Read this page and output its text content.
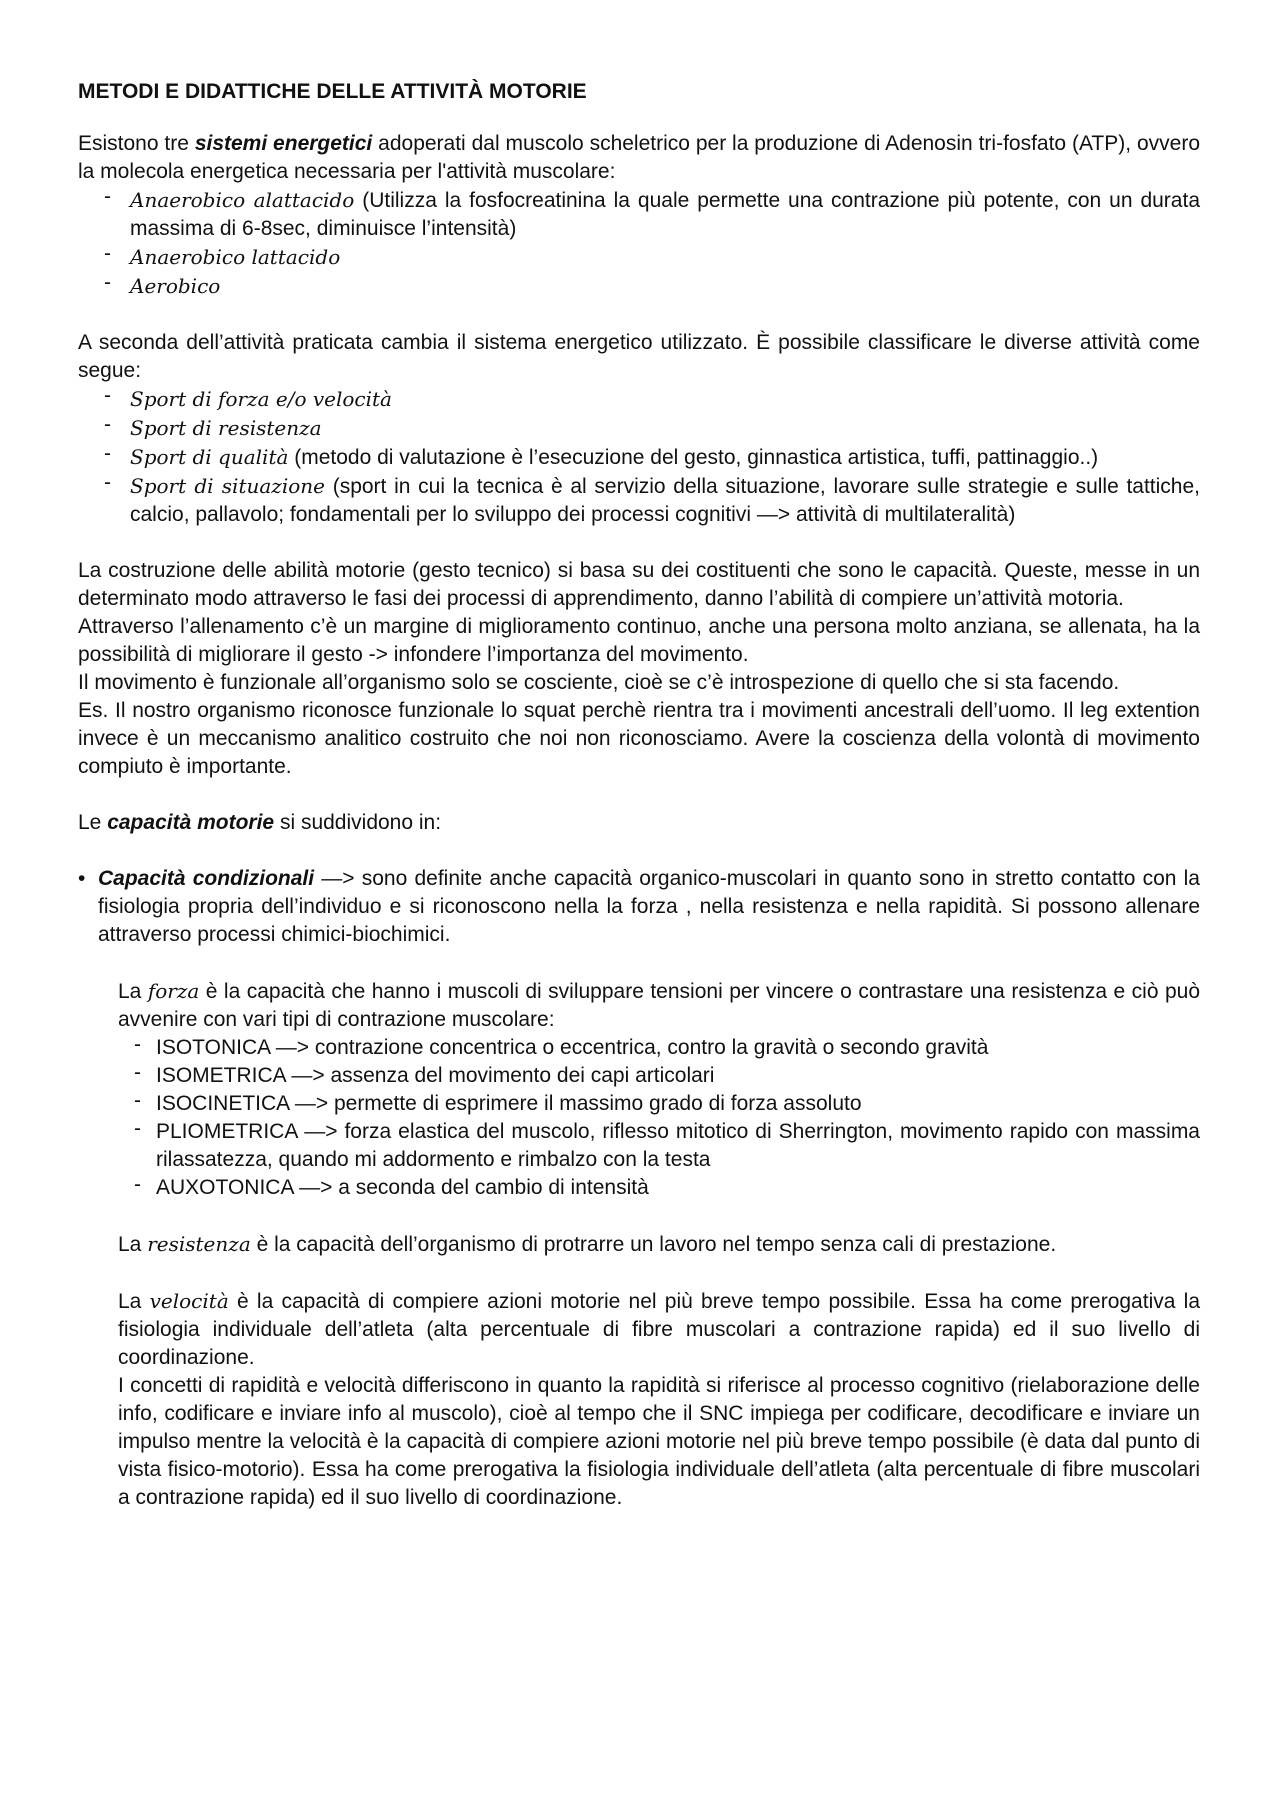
METODI E DIDATTICHE DELLE ATTIVITÀ MOTORIE

Esistono tre sistemi energetici adoperati dal muscolo scheletrico per la produzione di Adenosin tri-fosfato (ATP), ovvero la molecola energetica necessaria per l'attività muscolare:

- Anaerobico alattacido (Utilizza la fosfocreatinina la quale permette una contrazione più potente, con un durata massima di 6-8sec, diminuisce l’intensità)
- Anaerobico lattacido
- Aerobico

A seconda dell’attività praticata cambia il sistema energetico utilizzato. È possibile classificare le diverse attività come segue:

- Sport di forza e/o velocità
- Sport di resistenza
- Sport di qualità (metodo di valutazione è l’esecuzione del gesto, ginnastica artistica, tuffi, pattinaggio..)
- Sport di situazione (sport in cui la tecnica è al servizio della situazione, lavorare sulle strategie e sulle tattiche, calcio, pallavolo; fondamentali per lo sviluppo dei processi cognitivi —> attività di multilateralità)

La costruzione delle abilità motorie (gesto tecnico) si basa su dei costituenti che sono le capacità. Queste, messe in un determinato modo attraverso le fasi dei processi di apprendimento, danno l’abilità di compiere un’attività motoria.

Attraverso l’allenamento c’è un margine di miglioramento continuo, anche una persona molto anziana, se allenata, ha la possibilità di migliorare il gesto -> infondere l’importanza del movimento.

Il movimento è funzionale all’organismo solo se cosciente, cioè se c’è introspezione di quello che si sta facendo.

Es. Il nostro organismo riconosce funzionale lo squat perchè rientra tra i movimenti ancestrali dell’uomo. Il leg extention invece è un meccanismo analitico costruito che noi non riconosciamo. Avere la coscienza della volontà di movimento compiuto è importante.

Le capacità motorie si suddividono in:

• Capacità condizionali —> sono definite anche capacità organico-muscolari in quanto sono in stretto contatto con la fisiologia propria dell’individuo e si riconoscono nella la forza , nella resistenza e nella rapidità. Si possono allenare attraverso processi chimici-biochimici.

La forza è la capacità che hanno i muscoli di sviluppare tensioni per vincere o contrastare una resistenza e ciò può avvenire con vari tipi di contrazione muscolare:

- ISOTONICA —> contrazione concentrica o eccentrica, contro la gravità o secondo gravità
- ISOMETRICA —> assenza del movimento dei capi articolari
- ISOCINETICA —> permette di esprimere il massimo grado di forza assoluto
- PLIOMETRICA —> forza elastica del muscolo, riflesso mitotico di Sherrington, movimento rapido con massima rilassatezza, quando mi addormento e rimbalzo con la testa
- AUXOTONICA —> a seconda del cambio di intensità

La resistenza è la capacità dell’organismo di protrarre un lavoro nel tempo senza cali di prestazione.

La velocità è la capacità di compiere azioni motorie nel più breve tempo possibile. Essa ha come prerogativa la fisiologia individuale dell’atleta (alta percentuale di fibre muscolari a contrazione rapida) ed il suo livello di coordinazione.

I concetti di rapidità e velocità differiscono in quanto la rapidità si riferisce al processo cognitivo (rielaborazione delle info, codificare e inviare info al muscolo), cioè al tempo che il SNC impiega per codificare, decodificare e inviare un impulso mentre la velocità è la capacità di compiere azioni motorie nel più breve tempo possibile (è data dal punto di vista fisico-motorio). Essa ha come prerogativa la fisiologia individuale dell’atleta (alta percentuale di fibre muscolari a contrazione rapida) ed il suo livello di coordinazione.
